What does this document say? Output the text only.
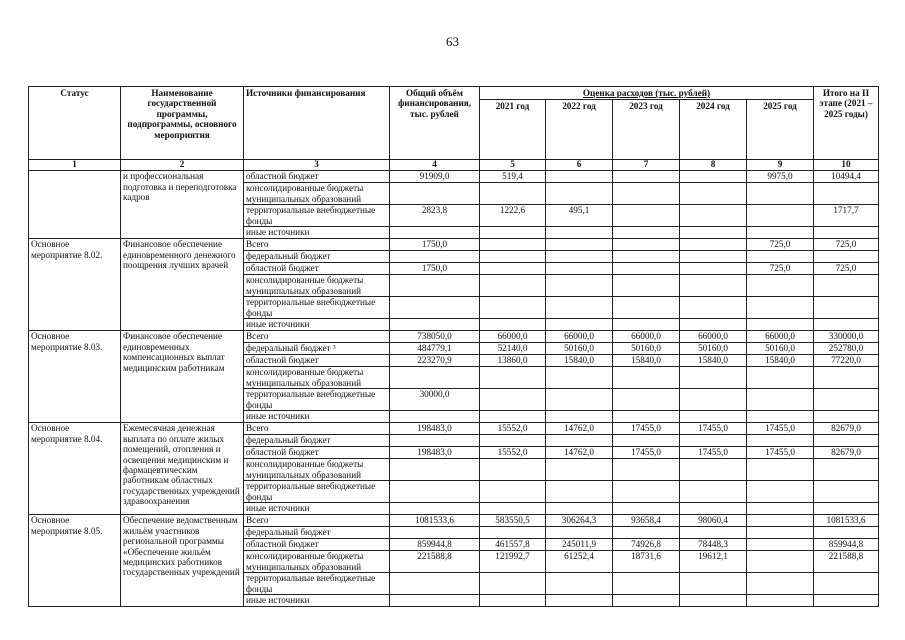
63
Статус	Наименование государственной программы, подпрограммы, основного мероприятия	Источники финансирования	Общий объём финансирования, тыс. рублей	Оценка расходов (тыс. рублей)					Итого на II этапе (2021 – 2025 годы)
				2021 год	2022 год	2023 год	2024 год	2025 год	
1	2	3	4	5	6	7	8	9	10
	и профессиональная подготовка и переподготовка кадров	областной бюджет	91909,0	519,4				9975,0	10494,4
		консолидированные бюджеты муниципальных образований							
		территориальные внебюджетные фонды	2823,8	1222,6	495,1				1717,7
		иные источники							
Основное мероприятие 8.02.	Финансовое обеспечение единовременного денежного поощрения лучших врачей	Всего	1750,0					725,0	725,0
		федеральный бюджет							
		областной бюджет	1750,0					725,0	725,0
		консолидированные бюджеты муниципальных образований							
		территориальные внебюджетные фонды							
		иные источники							
Основное мероприятие 8.03.	Финансовое обеспечение единовременных компенсационных выплат медицинским работникам	Всего	738050,0	66000,0	66000,0	66000,0	66000,0	66000,0	330000,0
		федеральный бюджет ³	484779,1	52140,0	50160,0	50160,0	50160,0	50160,0	252780,0
		областной бюджет	223270,9	13860,0	15840,0	15840,0	15840,0	15840,0	77220,0
		консолидированные бюджеты муниципальных образований							
		территориальные внебюджетные фонды	30000,0						
		иные источники							
Основное мероприятие 8.04.	Ежемесячная денежная выплата по оплате жилых помещений, отопления и освещения медицинским и фармацевтическим работникам областных государственных учреждений здравоохранения	Всего	198483,0	15552,0	14762,0	17455,0	17455,0	17455,0	82679,0
		федеральный бюджет							
		областной бюджет	198483,0	15552,0	14762,0	17455,0	17455,0	17455,0	82679,0
		консолидированные бюджеты муниципальных образований							
		территориальные внебюджетные фонды							
		иные источники							
Основное мероприятие 8.05.	Обеспечение ведомственным жильём участников региональной программы «Обеспечение жильём медицинских работников государственных учреждений	Всего	1081533,6	583550,5	306264,3	93658,4	98060,4		1081533,6
		федеральный бюджет							
		областной бюджет	859944,8	461557,8	245011,9	74926,8	78448,3		859944,8
		консолидированные бюджеты муниципальных образований	221588,8	121992,7	61252,4	18731,6	19612,1		221588,8
		территориальные внебюджетные фонды							
		иные источники							
